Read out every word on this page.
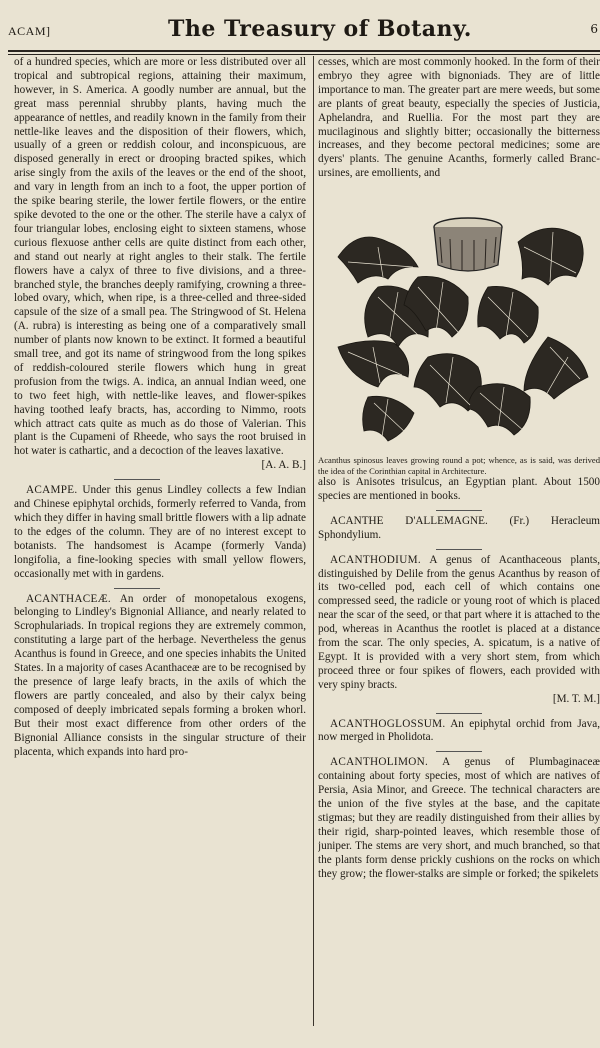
ACAM]	The Treasury of Botany.	6

of a hundred species, which are more or less distributed over all tropical and subtropical regions, attaining their maximum, however, in S. America. A goodly number are annual, but the great mass perennial shrubby plants, having much the appearance of nettles, and readily known in the family from their nettle-like leaves and the disposition of their flowers, which, usually of a green or reddish colour, and inconspicuous, are disposed generally in erect or drooping bracted spikes, which arise singly from the axils of the leaves or the end of the shoot, and vary in length from an inch to a foot, the upper portion of the spike bearing sterile, the lower fertile flowers, or the entire spike devoted to the one or the other. The sterile have a calyx of four triangular lobes, enclosing eight to sixteen stamens, whose curious flexuose anther cells are quite distinct from each other, and stand out nearly at right angles to their stalk. The fertile flowers have a calyx of three to five divisions, and a three-branched style, the branches deeply ramifying, crowning a three-lobed ovary, which, when ripe, is a three-celled and three-sided capsule of the size of a small pea. The Stringwood of St. Helena (A. rubra) is interesting as being one of a comparatively small number of plants now known to be extinct. It formed a beautiful small tree, and got its name of stringwood from the long spikes of reddish-coloured sterile flowers which hung in great profusion from the twigs. A. indica, an annual Indian weed, one to two feet high, with nettle-like leaves, and flower-spikes having toothed leafy bracts, has, according to Nimmo, roots which attract cats quite as much as do those of Valerian. This plant is the Cupameni of Rheede, who says the root bruised in hot water is cathartic, and a decoction of the leaves laxative.

[A. A. B.]

ACAMPE. Under this genus Lindley collects a few Indian and Chinese epiphytal orchids, formerly referred to Vanda, from which they differ in having small brittle flowers with a lip adnate to the edges of the column. They are of no interest except to botanists. The handsomest is Acampe (formerly Vanda) longifolia, a fine-looking species with small yellow flowers, occasionally met with in gardens.

ACANTHACEÆ. An order of monopetalous exogens, belonging to Lindley's Bignonial Alliance, and nearly related to Scrophulariads. In tropical regions they are extremely common, constituting a large part of the herbage. Nevertheless the genus Acanthus is found in Greece, and one species inhabits the United States. In a majority of cases Acanthaceæ are to be recognised by the presence of large leafy bracts, in the axils of which the flowers are partly concealed, and also by their calyx being composed of deeply imbricated sepals forming a broken whorl. But their most exact difference from other orders of the Bignonial Alliance consists in the singular structure of their placenta, which expands into hard pro-

cesses, which are most commonly hooked. In the form of their embryo they agree with bignoniads. They are of little importance to man. The greater part are mere weeds, but some are plants of great beauty, especially the species of Justicia, Aphelandra, and Ruellia. For the most part they are mucilaginous and slightly bitter; occasionally the bitterness increases, and they become pectoral medicines; some are dyers' plants. The genuine Acanths, formerly called Branc-ursines, are emollients, and

Acanthus spinosus leaves growing round a pot; whence, as is said, was derived the idea of the Corinthian capital in Architecture.

also is Anisotes trisulcus, an Egyptian plant. About 1500 species are mentioned in books.

ACANTHE D'ALLEMAGNE. (Fr.) Heracleum Sphondylium.

ACANTHODIUM. A genus of Acanthaceous plants, distinguished by Delile from the genus Acanthus by reason of its two-celled pod, each cell of which contains one compressed seed, the radicle or young root of which is placed near the scar of the seed, or that part where it is attached to the pod, whereas in Acanthus the rootlet is placed at a distance from the scar. The only species, A. spicatum, is a native of Egypt. It is provided with a very short stem, from which proceed three or four spikes of flowers, each provided with very spiny bracts.

[M. T. M.]

ACANTHOGLOSSUM. An epiphytal orchid from Java, now merged in Pholidota.

ACANTHOLIMON. A genus of Plumbaginaceæ containing about forty species, most of which are natives of Persia, Asia Minor, and Greece. The technical characters are the union of the five styles at the base, and the capitate stigmas; but they are readily distinguished from their allies by their rigid, sharp-pointed leaves, which resemble those of juniper. The stems are very short, and much branched, so that the plants form dense prickly cushions on the rocks on which they grow; the flower-stalks are simple or forked; the spikelets
